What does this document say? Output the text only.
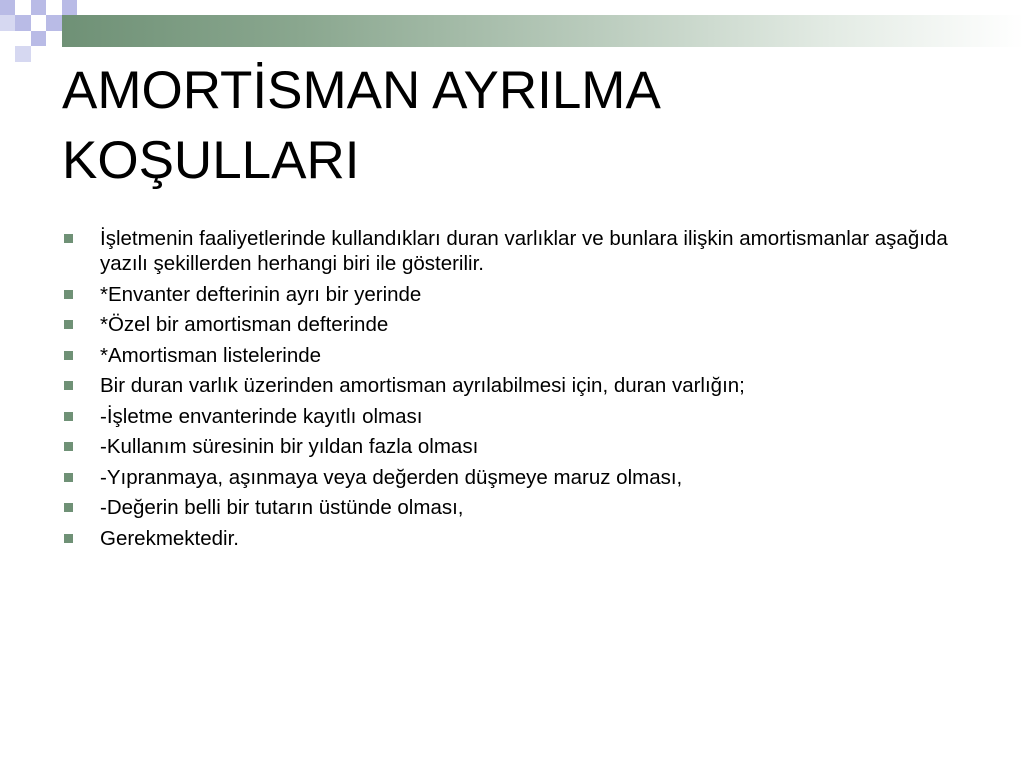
AMORTİSMAN AYRILMA KOŞULLARI
İşletmenin faaliyetlerinde kullandıkları duran varlıklar ve bunlara ilişkin amortismanlar aşağıda yazılı şekillerden herhangi biri ile gösterilir.
*Envanter defterinin ayrı bir yerinde
*Özel bir amortisman defterinde
*Amortisman listelerinde
Bir duran varlık üzerinden amortisman ayrılabilmesi için, duran varlığın;
-İşletme envanterinde kayıtlı olması
-Kullanım süresinin bir yıldan fazla olması
-Yıpranmaya, aşınmaya veya değerden düşmeye maruz olması,
-Değerin belli bir tutarın üstünde olması,
Gerekmektedir.
